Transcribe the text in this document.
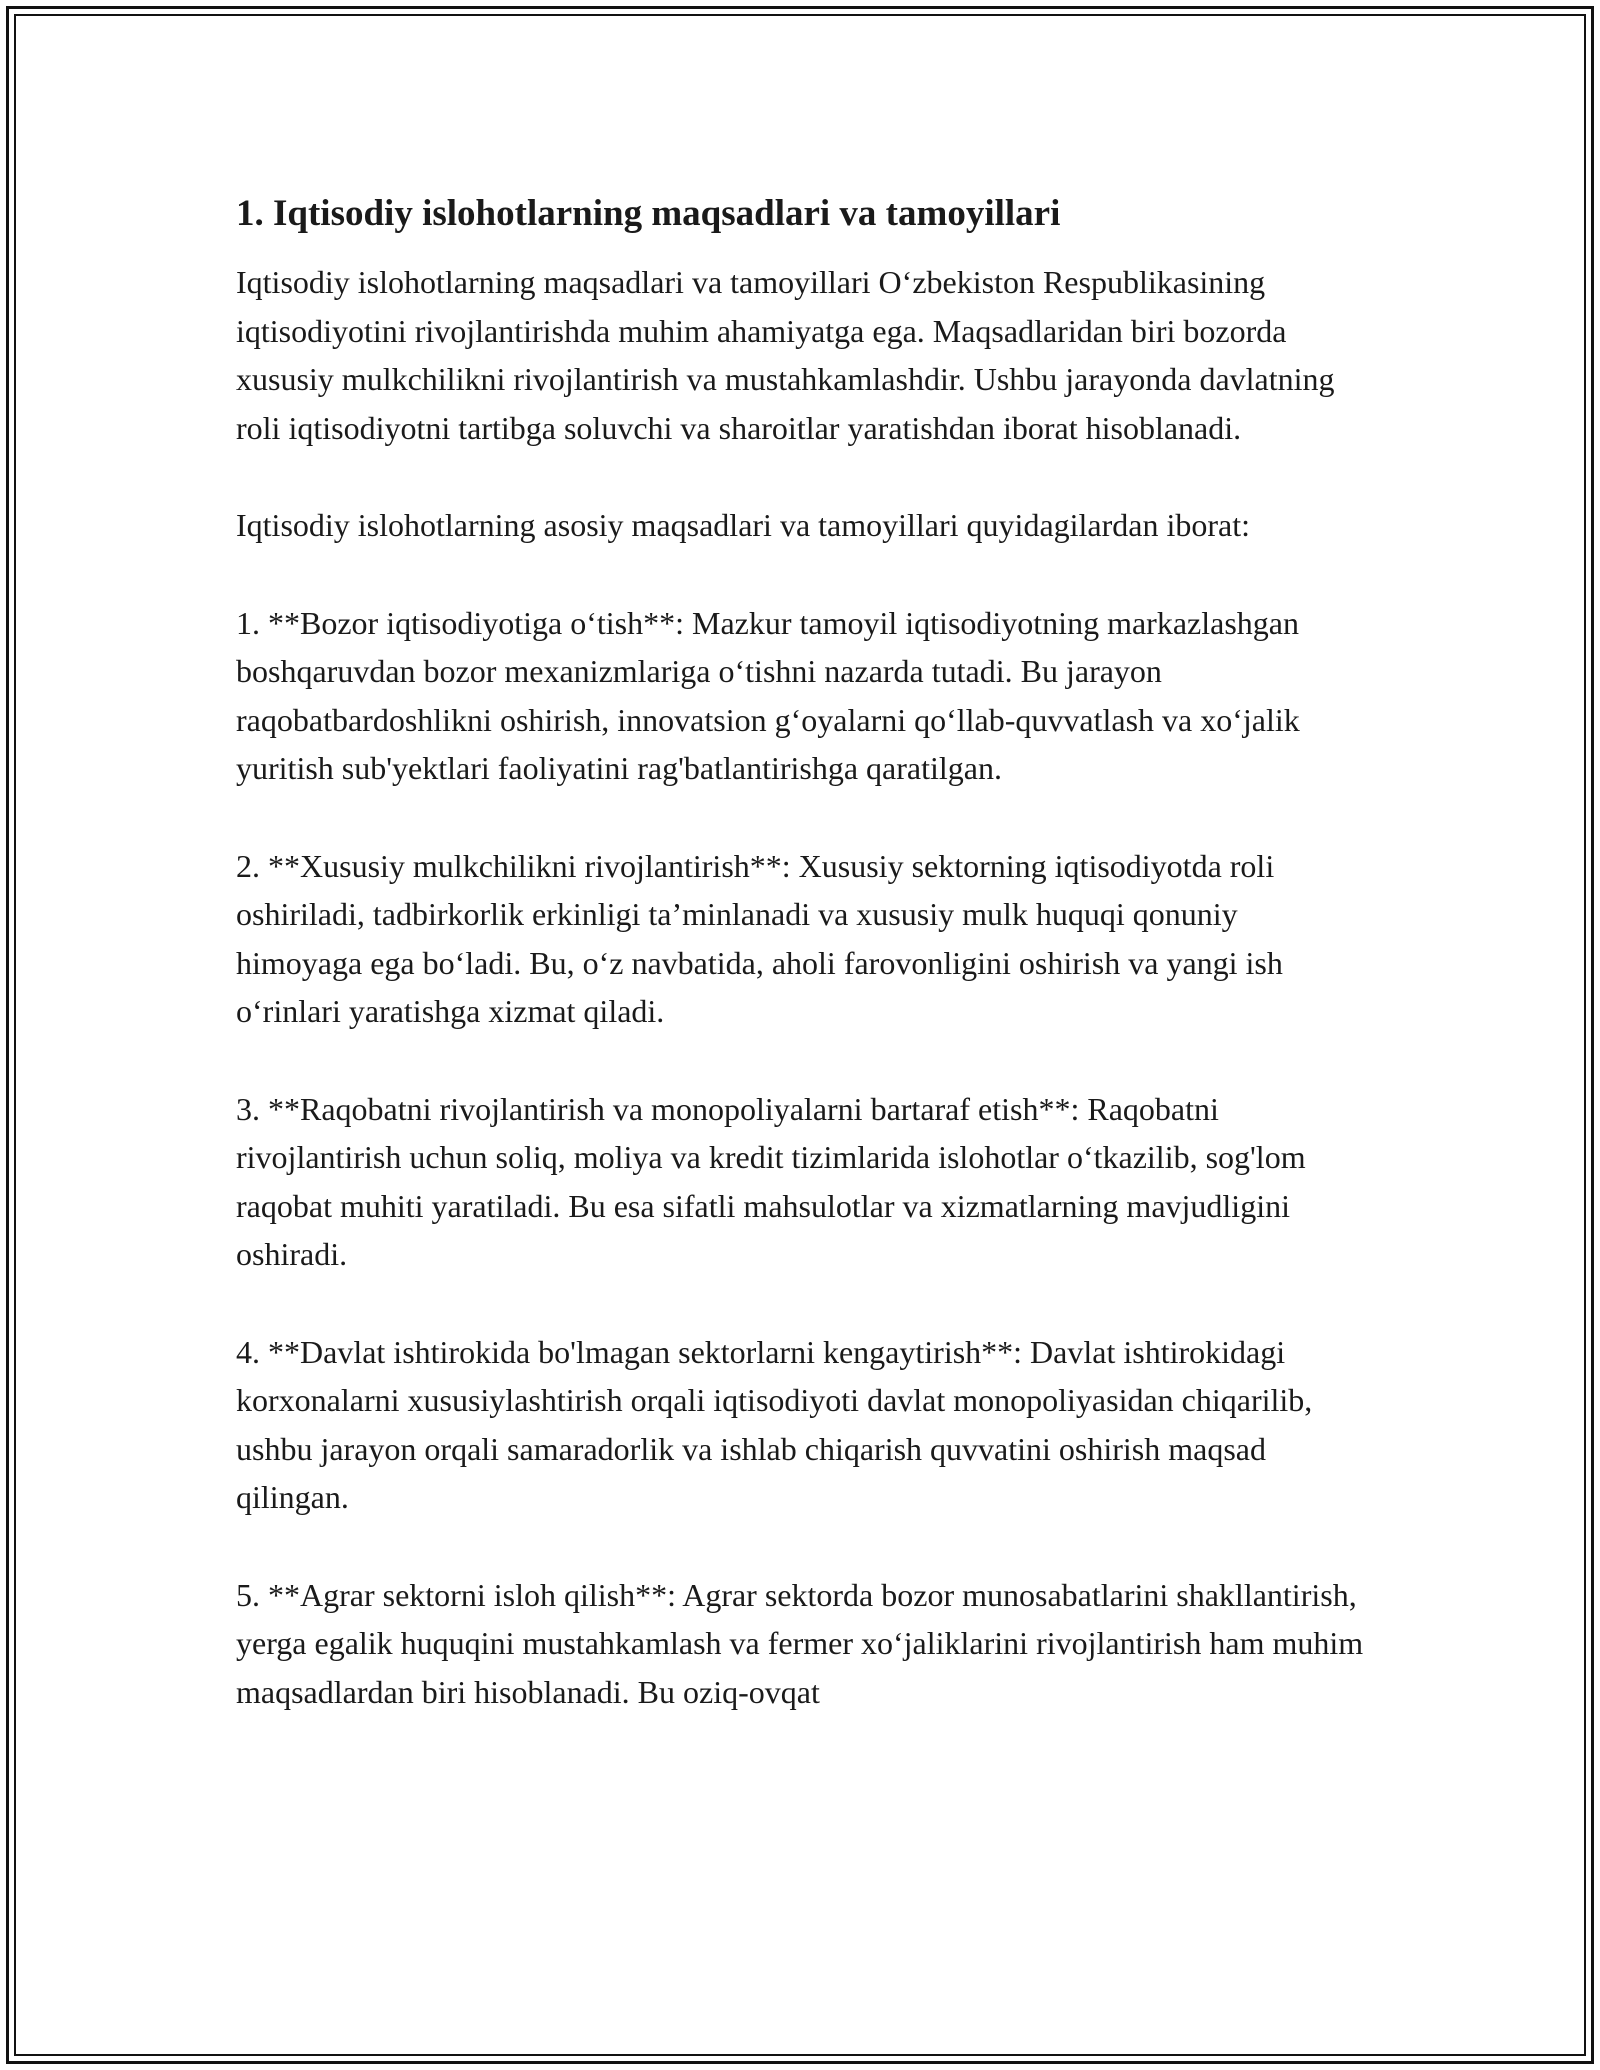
1. Iqtisodiy islohotlarning maqsadlari va tamoyillari

Iqtisodiy islohotlarning maqsadlari va tamoyillari O‘zbekiston Respublikasining iqtisodiyotini rivojlantirishda muhim ahamiyatga ega. Maqsadlaridan biri bozorda xususiy mulkchilikni rivojlantirish va mustahkamlashdir. Ushbu jarayonda davlatning roli iqtisodiyotni tartibga soluvchi va sharoitlar yaratishdan iborat hisoblanadi.

Iqtisodiy islohotlarning asosiy maqsadlari va tamoyillari quyidagilardan iborat:

1. **Bozor iqtisodiyotiga o‘tish**: Mazkur tamoyil iqtisodiyotning markazlashgan boshqaruvdan bozor mexanizmlariga o‘tishni nazarda tutadi. Bu jarayon raqobatbardoshlikni oshirish, innovatsion g‘oyalarni qo‘llab-quvvatlash va xo‘jalik yuritish sub'yektlari faoliyatini rag'batlantirishga qaratilgan.

2. **Xususiy mulkchilikni rivojlantirish**: Xususiy sektorning iqtisodiyotda roli oshiriladi, tadbirkorlik erkinligi ta’minlanadi va xususiy mulk huquqi qonuniy himoyaga ega bo‘ladi. Bu, o‘z navbatida, aholi farovonligini oshirish va yangi ish o‘rinlari yaratishga xizmat qiladi.

3. **Raqobatni rivojlantirish va monopoliyalarni bartaraf etish**: Raqobatni rivojlantirish uchun soliq, moliya va kredit tizimlarida islohotlar o‘tkazilib, sog'lom raqobat muhiti yaratiladi. Bu esa sifatli mahsulotlar va xizmatlarning mavjudligini oshiradi.

4. **Davlat ishtirokida bo'lmagan sektorlarni kengaytirish**: Davlat ishtirokidagi korxonalarni xususiylashtirish orqali iqtisodiyoti davlat monopoliyasidan chiqarilib, ushbu jarayon orqali samaradorlik va ishlab chiqarish quvvatini oshirish maqsad qilingan.

5. **Agrar sektorni isloh qilish**: Agrar sektorda bozor munosabatlarini shakllantirish, yerga egalik huquqini mustahkamlash va fermer xo‘jaliklarini rivojlantirish ham muhim maqsadlardan biri hisoblanadi. Bu oziq-ovqat
